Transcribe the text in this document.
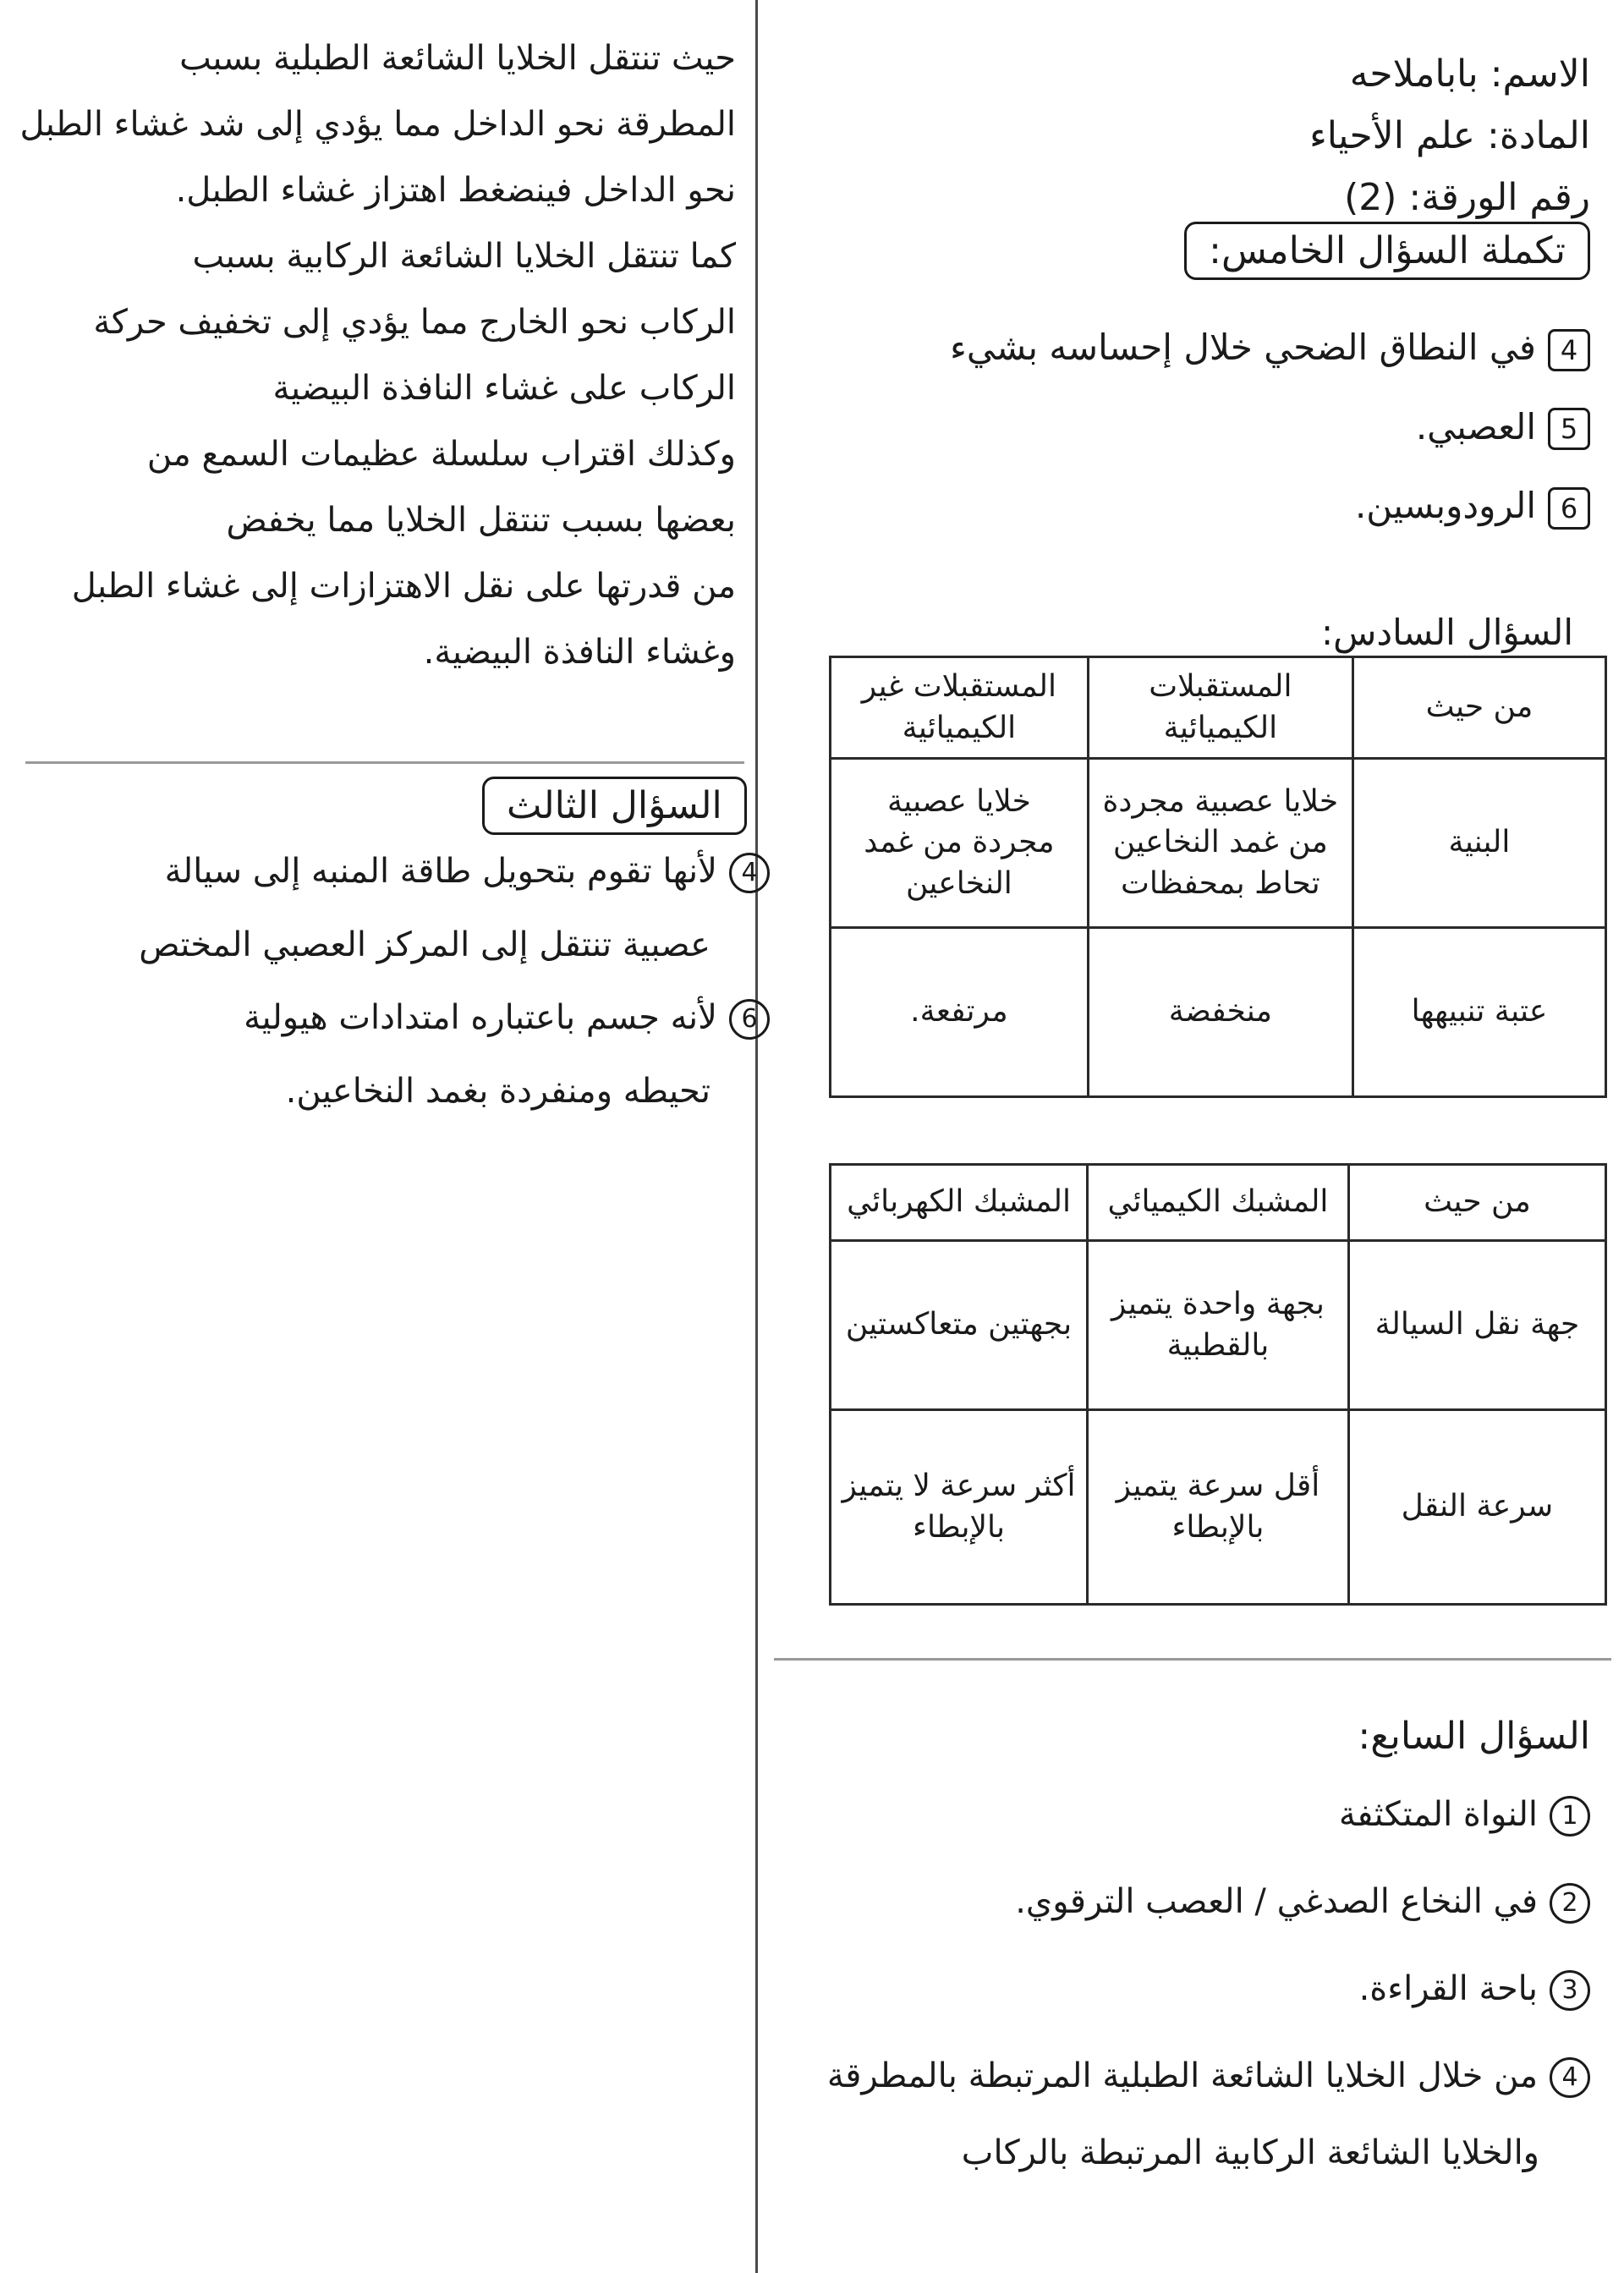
الاسم: باباملاحه
المادة: علم الأحياء
رقم الورقة: (2)
تكملة السؤال الخامس:
4في النطاق الضحي خلال إحساسه بشيء
5العصبي.
6الرودوبسين.
السؤال السادس:
من حيث	المستقبلات الكيميائية	المستقبلات غير الكيميائية
البنية	خلايا عصبية مجردة من غمد النخاعين تحاط بمحفظات	خلايا عصبية مجردة من غمد النخاعين
عتبة تنبيهها	منخفضة	مرتفعة.
من حيث	المشبك الكيميائي	المشبك الكهربائي
جهة نقل السيالة	بجهة واحدة يتميز بالقطبية	بجهتين متعاكستين
سرعة النقل	أقل سرعة يتميز بالإبطاء	أكثر سرعة لا يتميز بالإبطاء
السؤال السابع:
1النواة المتكثفة
2في النخاع الصدغي / العصب الترقوي.
3باحة القراءة.
4من خلال الخلايا الشائعة الطبلية المرتبطة بالمطرقة
والخلايا الشائعة الركابية المرتبطة بالركاب
حيث تنتقل الخلايا الشائعة الطبلية بسبب
المطرقة نحو الداخل مما يؤدي إلى شد غشاء الطبل
نحو الداخل فينضغط اهتزاز غشاء الطبل.
كما تنتقل الخلايا الشائعة الركابية بسبب
الركاب نحو الخارج مما يؤدي إلى تخفيف حركة
الركاب على غشاء النافذة البيضية
وكذلك اقتراب سلسلة عظيمات السمع من
بعضها بسبب تنتقل الخلايا مما يخفض
من قدرتها على نقل الاهتزازات إلى غشاء الطبل
وغشاء النافذة البيضية.
السؤال الثالث
4لأنها تقوم بتحويل طاقة المنبه إلى سيالة
عصبية تنتقل إلى المركز العصبي المختص
6لأنه جسم باعتباره امتدادات هيولية
تحيطه ومنفردة بغمد النخاعين.
